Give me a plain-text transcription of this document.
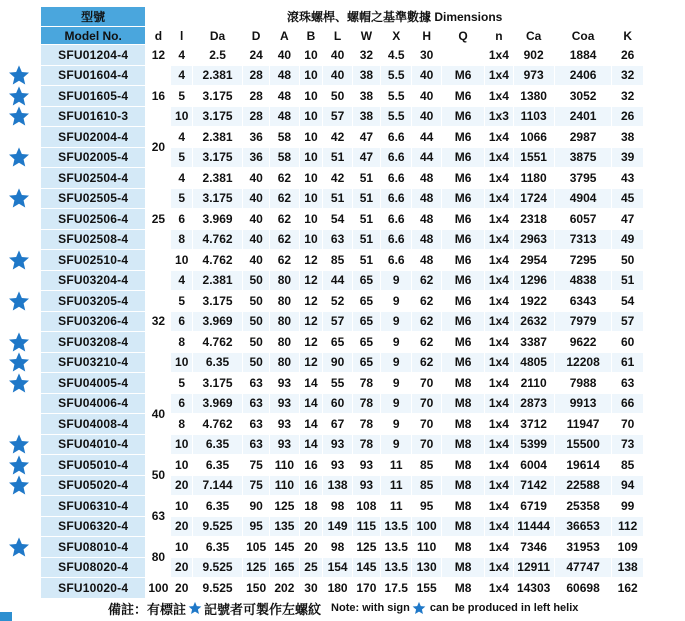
型號	滾珠螺桿、螺帽之基準數據 Dimensions														
Model No.	d	l	Da	D	A	B	L	W	X	H	Q	n	Ca	Coa	K
SFU01204-4	12	4	2.5	24	40	10	40	32	4.5	30		1x4	902	1884	26
SFU01604-4	16	4	2.381	28	48	10	40	38	5.5	40	M6	1x4	973	2406	32
SFU01605-4		5	3.175	28	48	10	50	38	5.5	40	M6	1x4	1380	3052	32
SFU01610-3		10	3.175	28	48	10	57	38	5.5	40	M6	1x3	1103	2401	26
SFU02004-4	20	4	2.381	36	58	10	42	47	6.6	44	M6	1x4	1066	2987	38
SFU02005-4		5	3.175	36	58	10	51	47	6.6	44	M6	1x4	1551	3875	39
SFU02504-4	25	4	2.381	40	62	10	42	51	6.6	48	M6	1x4	1180	3795	43
SFU02505-4		5	3.175	40	62	10	51	51	6.6	48	M6	1x4	1724	4904	45
SFU02506-4		6	3.969	40	62	10	54	51	6.6	48	M6	1x4	2318	6057	47
SFU02508-4		8	4.762	40	62	10	63	51	6.6	48	M6	1x4	2963	7313	49
SFU02510-4		10	4.762	40	62	12	85	51	6.6	48	M6	1x4	2954	7295	50
SFU03204-4	32	4	2.381	50	80	12	44	65	9	62	M6	1x4	1296	4838	51
SFU03205-4		5	3.175	50	80	12	52	65	9	62	M6	1x4	1922	6343	54
SFU03206-4		6	3.969	50	80	12	57	65	9	62	M6	1x4	2632	7979	57
SFU03208-4		8	4.762	50	80	12	65	65	9	62	M6	1x4	3387	9622	60
SFU03210-4		10	6.35	50	80	12	90	65	9	62	M6	1x4	4805	12208	61
SFU04005-4	40	5	3.175	63	93	14	55	78	9	70	M8	1x4	2110	7988	63
SFU04006-4		6	3.969	63	93	14	60	78	9	70	M8	1x4	2873	9913	66
SFU04008-4		8	4.762	63	93	14	67	78	9	70	M8	1x4	3712	11947	70
SFU04010-4		10	6.35	63	93	14	93	78	9	70	M8	1x4	5399	15500	73
SFU05010-4	50	10	6.35	75	110	16	93	93	11	85	M8	1x4	6004	19614	85
SFU05020-4		20	7.144	75	110	16	138	93	11	85	M8	1x4	7142	22588	94
SFU06310-4	63	10	6.35	90	125	18	98	108	11	95	M8	1x4	6719	25358	99
SFU06320-4		20	9.525	95	135	20	149	115	13.5	100	M8	1x4	11444	36653	112
SFU08010-4	80	10	6.35	105	145	20	98	125	13.5	110	M8	1x4	7346	31953	109
SFU08020-4		20	9.525	125	165	25	154	145	13.5	130	M8	1x4	12911	47747	138
SFU10020-4	100	20	9.525	150	202	30	180	170	17.5	155	M8	1x4	14303	60698	162
備註：有標註 記號者可製作左螺紋 Note: with sign can be produced in left helix
